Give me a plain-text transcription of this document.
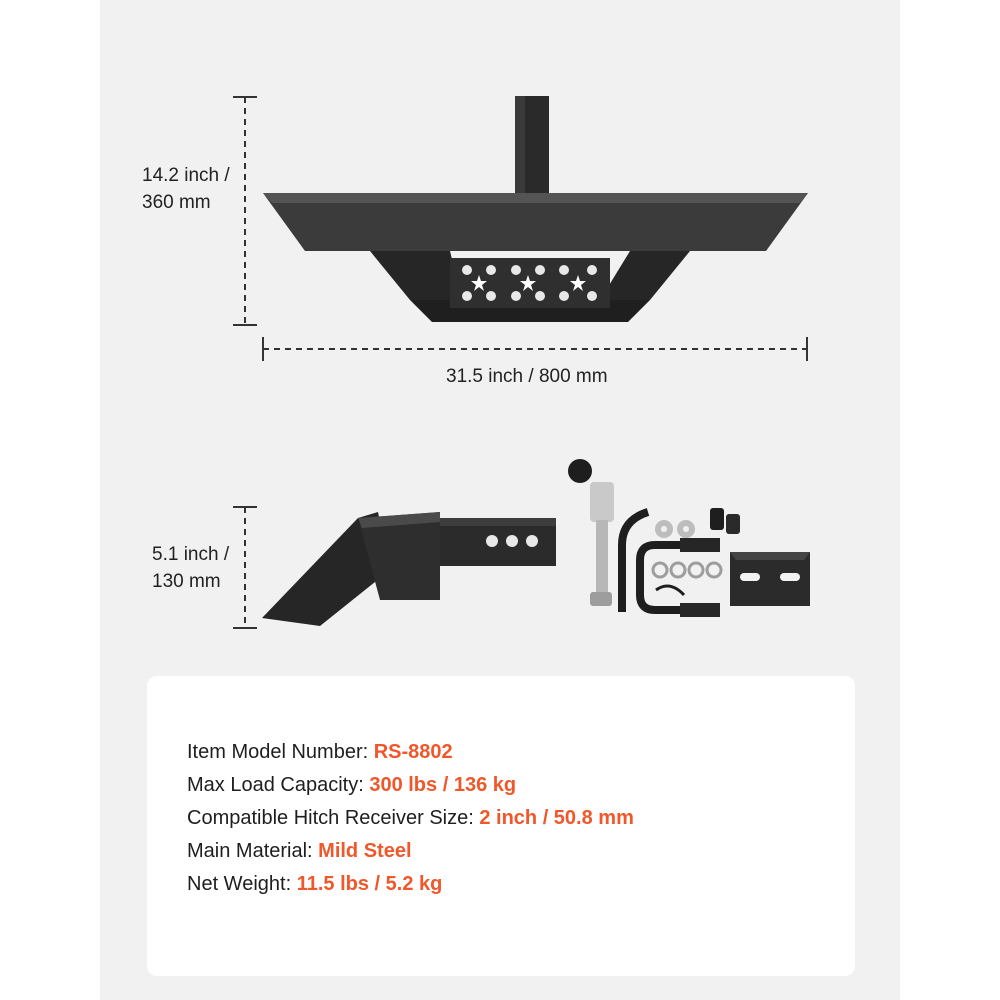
14.2 inch /
360 mm
31.5 inch / 800 mm
5.1 inch /
130 mm
Item Model Number: RS-8802
Max Load Capacity: 300 lbs / 136 kg
Compatible Hitch Receiver Size: 2 inch / 50.8 mm
Main Material: Mild Steel
Net Weight: 11.5 lbs / 5.2 kg
